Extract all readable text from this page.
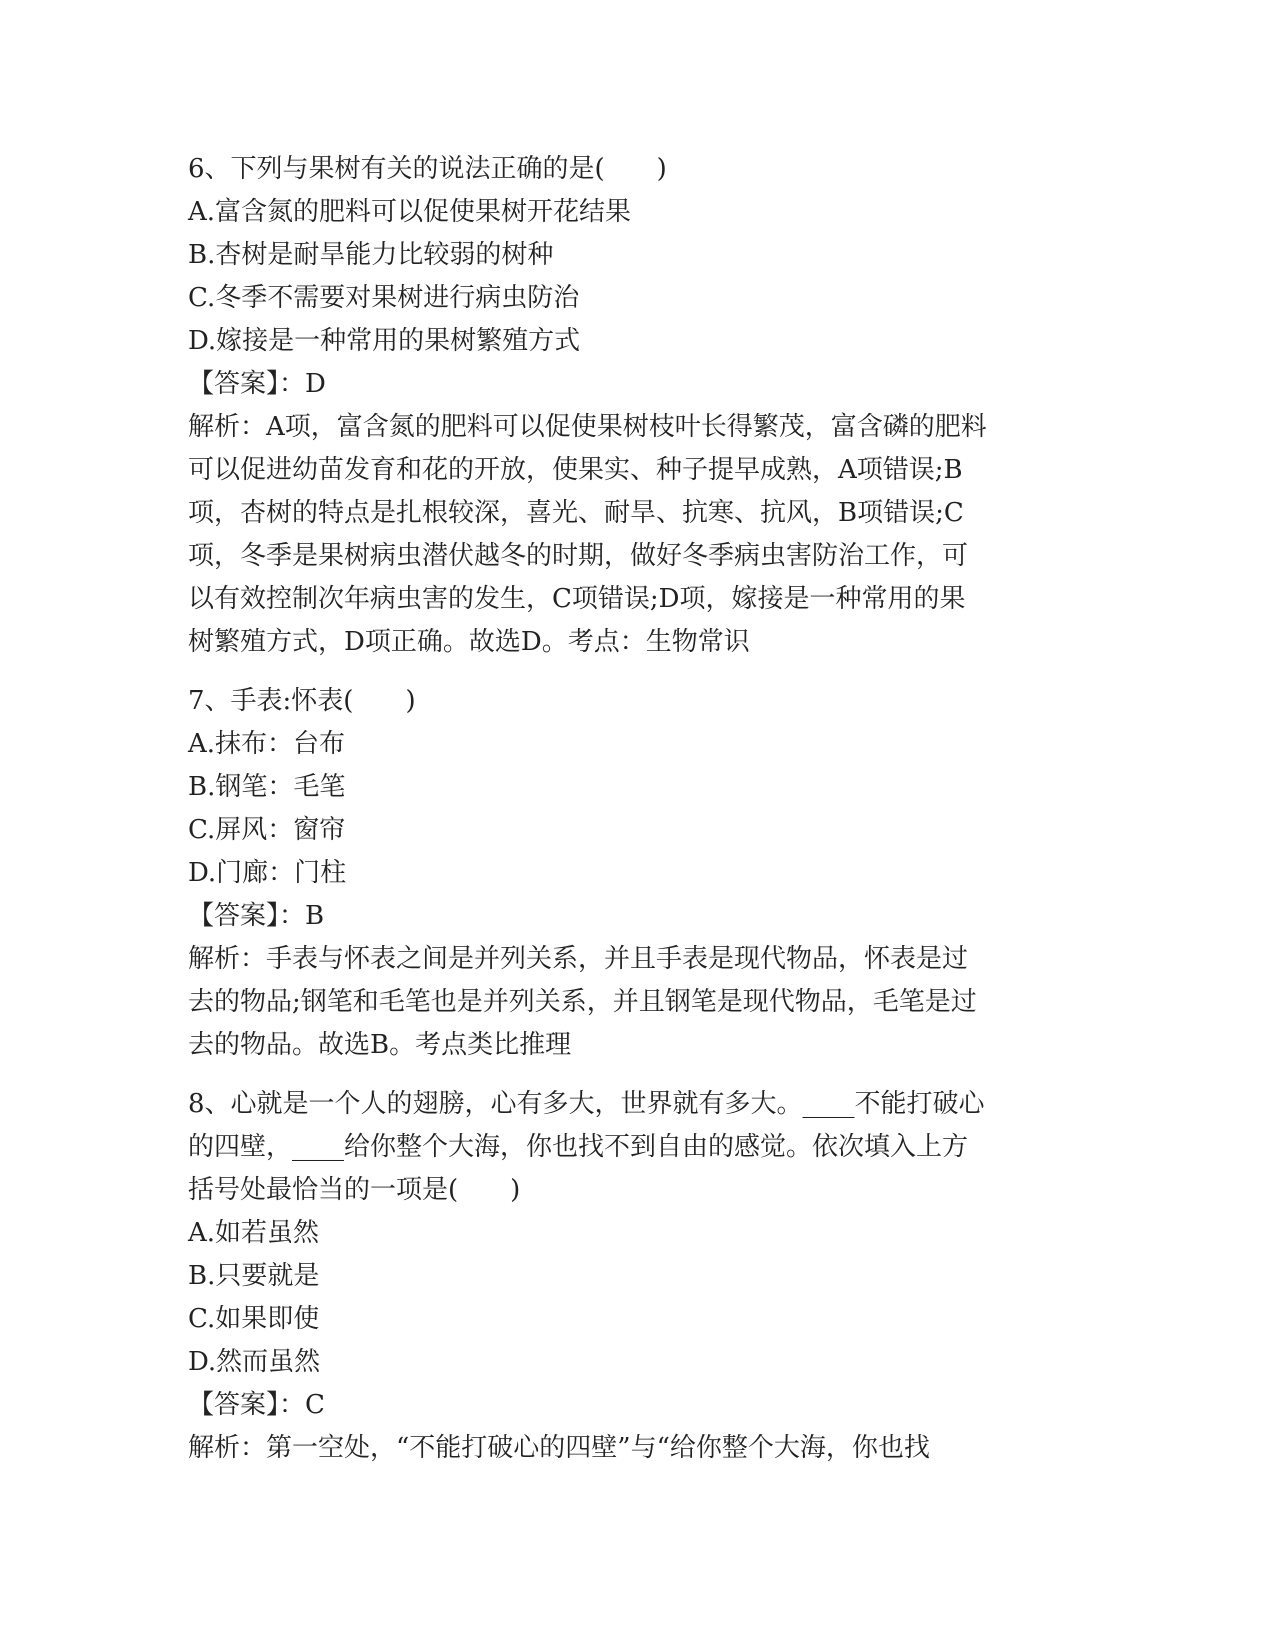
6、下列与果树有关的说法正确的是(　　)

A.富含氮的肥料可以促使果树开花结果

B.杏树是耐旱能力比较弱的树种

C.冬季不需要对果树进行病虫防治

D.嫁接是一种常用的果树繁殖方式

【答案】：D

解析：A项，富含氮的肥料可以促使果树枝叶长得繁茂，富含磷的肥料

可以促进幼苗发育和花的开放，使果实、种子提早成熟，A项错误;B

项，杏树的特点是扎根较深，喜光、耐旱、抗寒、抗风，B项错误;C

项，冬季是果树病虫潜伏越冬的时期，做好冬季病虫害防治工作，可

以有效控制次年病虫害的发生，C项错误;D项，嫁接是一种常用的果

树繁殖方式，D项正确。故选D。考点：生物常识

7、手表:怀表(　　)

A.抹布：台布

B.钢笔：毛笔

C.屏风：窗帘

D.门廊：门柱

【答案】：B

解析：手表与怀表之间是并列关系，并且手表是现代物品，怀表是过

去的物品;钢笔和毛笔也是并列关系，并且钢笔是现代物品，毛笔是过

去的物品。故选B。考点类比推理

8、心就是一个人的翅膀，心有多大，世界就有多大。____不能打破心

的四壁，____给你整个大海，你也找不到自由的感觉。依次填入上方

括号处最恰当的一项是(　　)

A.如若虽然

B.只要就是

C.如果即使

D.然而虽然

【答案】：C

解析：第一空处，“不能打破心的四壁”与“给你整个大海，你也找
